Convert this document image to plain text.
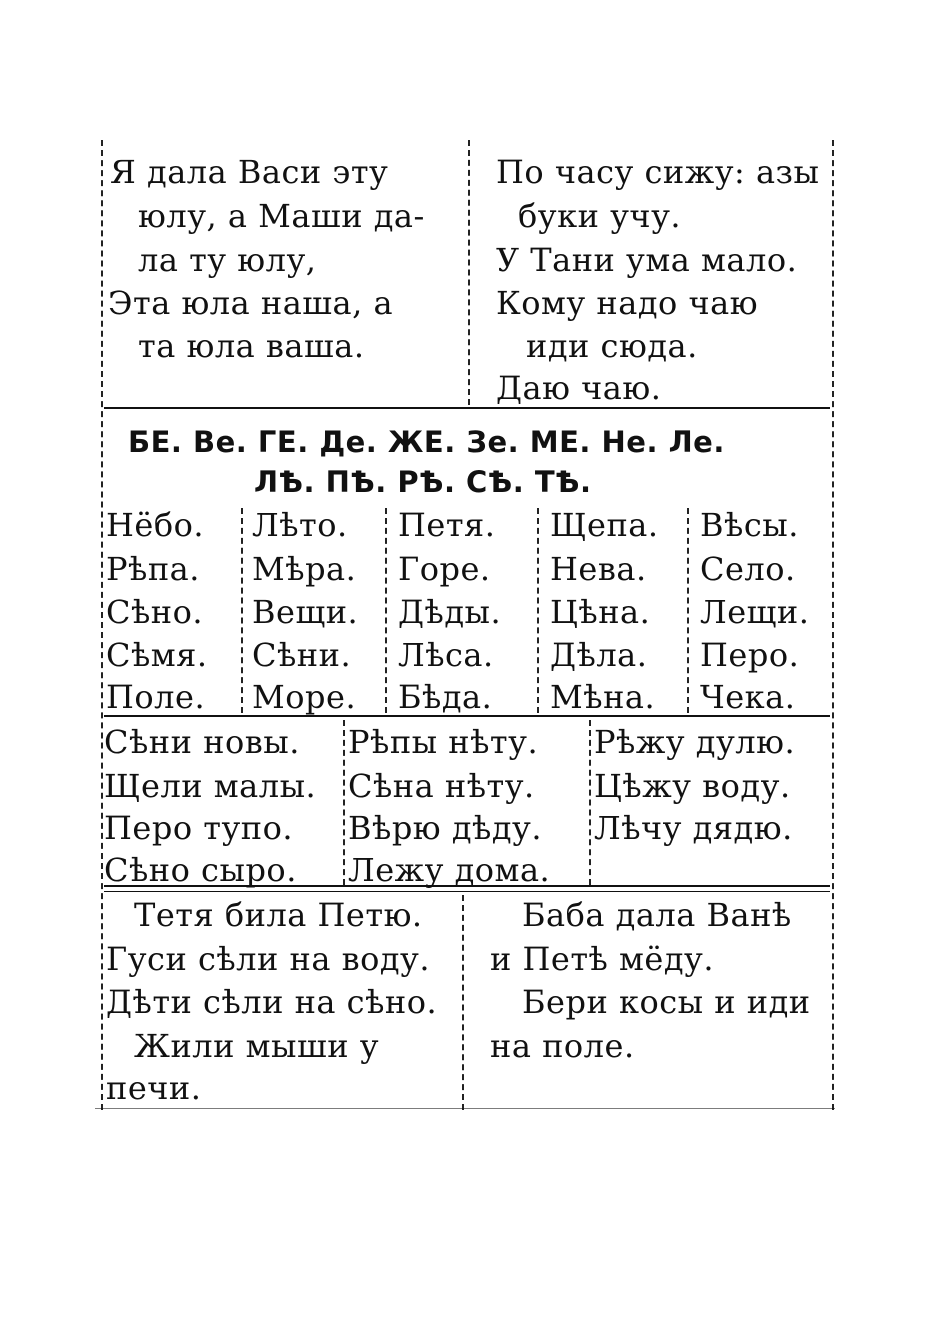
Я дала Васи эту
юлу, а Маши да-
ла ту юлу,
Эта юла наша, а
та юла ваша.
По часу сижу: азы
буки учу.
У Тани ума мало.
Кому надо чаю
иди сюда.
Даю чаю.
БЕ. Ве. ГЕ. Де. ЖЕ. Зе. МЕ. Не. Ле.
ЛѢ. ПѢ. РѢ. СѢ. ТѢ.
Нёбо. Лѣто. Петя. Щепа. Вѣсы.
Рѣпа. Мѣра. Горе. Нева. Село.
Сѣно. Вещи. Дѣды. Цѣна. Лещи.
Сѣмя. Сѣни. Лѣса. Дѣла. Перо.
Поле. Море. Бѣда. Мѣна. Чека.
Сѣни новы. Рѣпы нѣту. Рѣжу дулю.
Щели малы. Сѣна нѣту. Цѣжу воду.
Перо тупо. Вѣрю дѣду. Лѣчу дядю.
Сѣно сыро. Лежу дома.
Тетя била Петю.
Гуси сѣли на воду.
Дѣти сѣли на сѣно.
Жили мыши у
печи.
Баба дала Ванѣ
и Петѣ мёду.
Бери косы и иди
на поле.
